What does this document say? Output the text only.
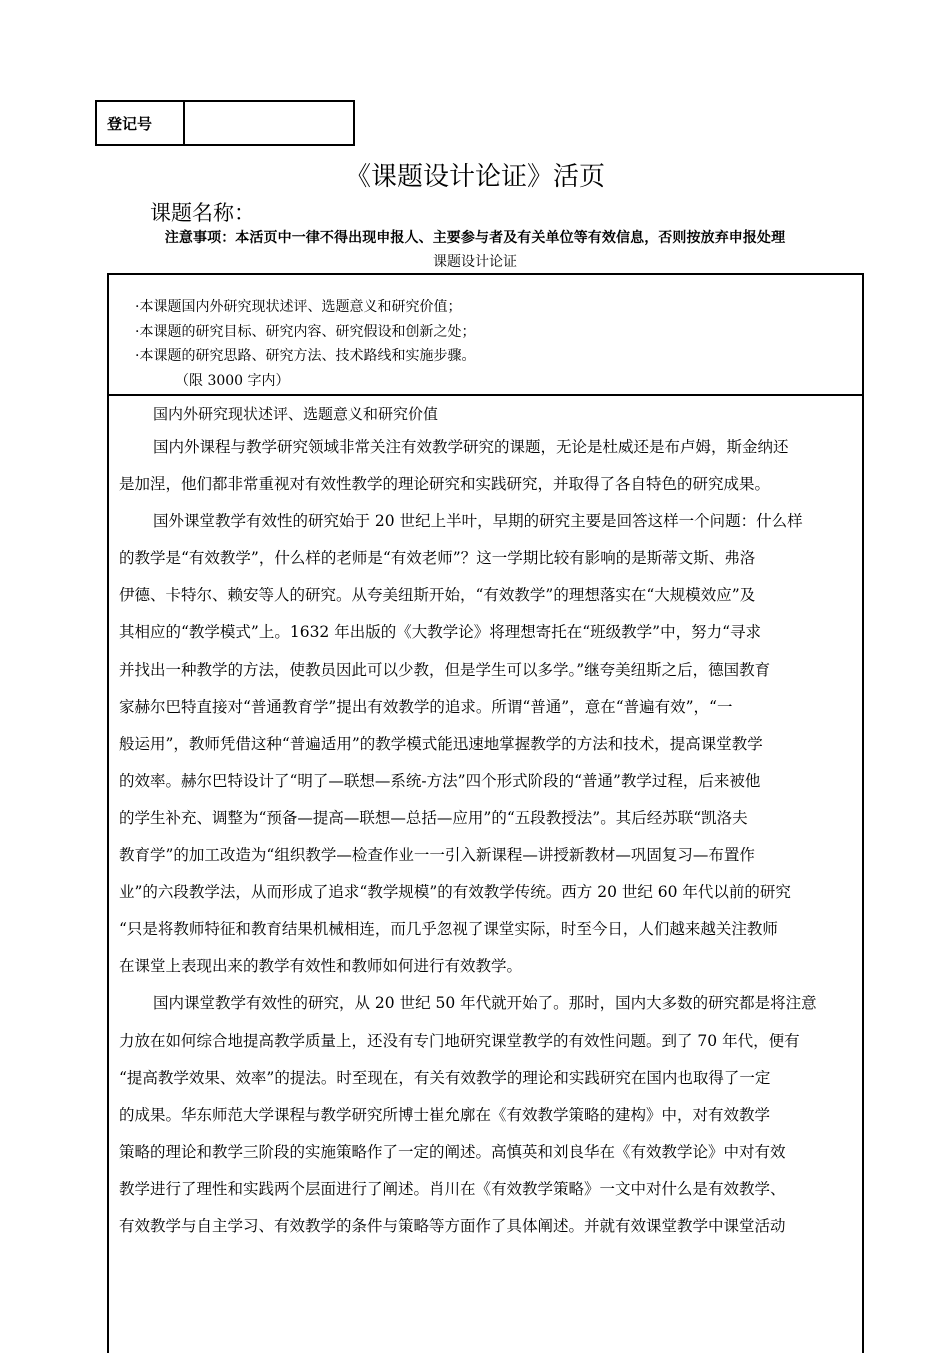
登记号
《课题设计论证》活页
课题名称：
注意事项：本活页中一律不得出现申报人、主要参与者及有关单位等有效信息，否则按放弃申报处理
课题设计论证
·本课题国内外研究现状述评、选题意义和研究价值；
·本课题的研究目标、研究内容、研究假设和创新之处；
·本课题的研究思路、研究方法、技术路线和实施步骤。
（限 3000 字内）
国内外研究现状述评、选题意义和研究价值
国内外课程与教学研究领域非常关注有效教学研究的课题，无论是杜威还是布卢姆，斯金纳还
是加涅，他们都非常重视对有效性教学的理论研究和实践研究，并取得了各自特色的研究成果。
国外课堂教学有效性的研究始于 20 世纪上半叶，早期的研究主要是回答这样一个问题：什么样
的教学是“有效教学”，什么样的老师是“有效老师”？这一学期比较有影响的是斯蒂文斯、弗洛
伊德、卡特尔、赖安等人的研究。从夸美纽斯开始，“有效教学”的理想落实在“大规模效应”及
其相应的“教学模式”上。1632 年出版的《大教学论》将理想寄托在“班级教学”中，努力“寻求
并找出一种教学的方法，使教员因此可以少教，但是学生可以多学。”继夸美纽斯之后，德国教育
家赫尔巴特直接对“普通教育学”提出有效教学的追求。所谓“普通”，意在“普遍有效”，“一
般运用”，教师凭借这种“普遍适用”的教学模式能迅速地掌握教学的方法和技术，提高课堂教学
的效率。赫尔巴特设计了“明了—联想—系统-方法”四个形式阶段的“普通”教学过程，后来被他
的学生补充、调整为“预备—提高—联想—总括—应用”的“五段教授法”。其后经苏联“凯洛夫
教育学”的加工改造为“组织教学—检查作业一一引入新课程—讲授新教材—巩固复习—布置作
业”的六段教学法，从而形成了追求“教学规模”的有效教学传统。西方 20 世纪 60 年代以前的研究
“只是将教师特征和教育结果机械相连，而几乎忽视了课堂实际，时至今日，人们越来越关注教师
在课堂上表现出来的教学有效性和教师如何进行有效教学。
国内课堂教学有效性的研究，从 20 世纪 50 年代就开始了。那时，国内大多数的研究都是将注意
力放在如何综合地提高教学质量上，还没有专门地研究课堂教学的有效性问题。到了 70 年代，便有
“提高教学效果、效率”的提法。时至现在，有关有效教学的理论和实践研究在国内也取得了一定
的成果。华东师范大学课程与教学研究所博士崔允廓在《有效教学策略的建构》中，对有效教学
策略的理论和教学三阶段的实施策略作了一定的阐述。高慎英和刘良华在《有效教学论》中对有效
教学进行了理性和实践两个层面进行了阐述。肖川在《有效教学策略》一文中对什么是有效教学、
有效教学与自主学习、有效教学的条件与策略等方面作了具体阐述。并就有效课堂教学中课堂活动
